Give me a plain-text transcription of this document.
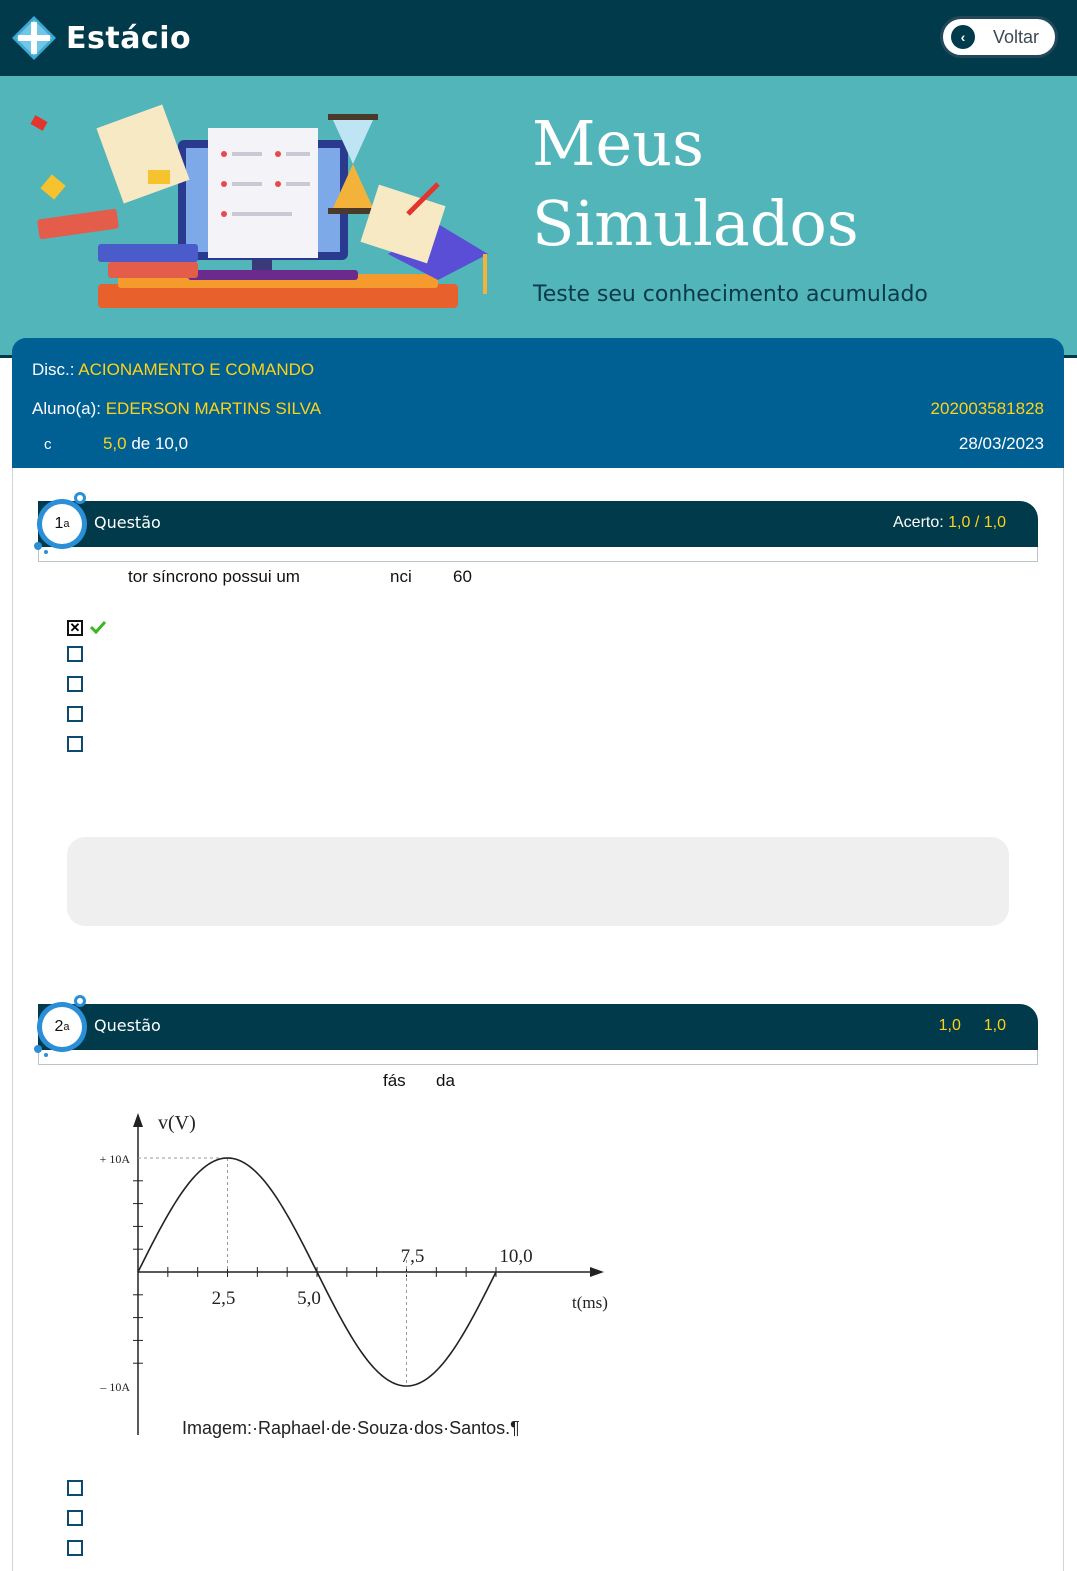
Estácio	‹	Voltar
Meus
Simulados
Teste seu conhecimento acumulado
Disc.: ACIONAMENTO E COMANDO
Aluno(a): EDERSON MARTINS SILVA	202003581828
c	5,0 de 10,0	28/03/2023
Questão	Acerto: 1,0 / 1,0
1 a
tor síncrono possui um	nci 60
✕
Questão	1,0 1,0
2 a
fás da
v(V)
+ 10A
– 10A
2,5	5,0
7,5	10,0
t(ms)
Imagem:·Raphael·de·Souza·dos·Santos.¶
